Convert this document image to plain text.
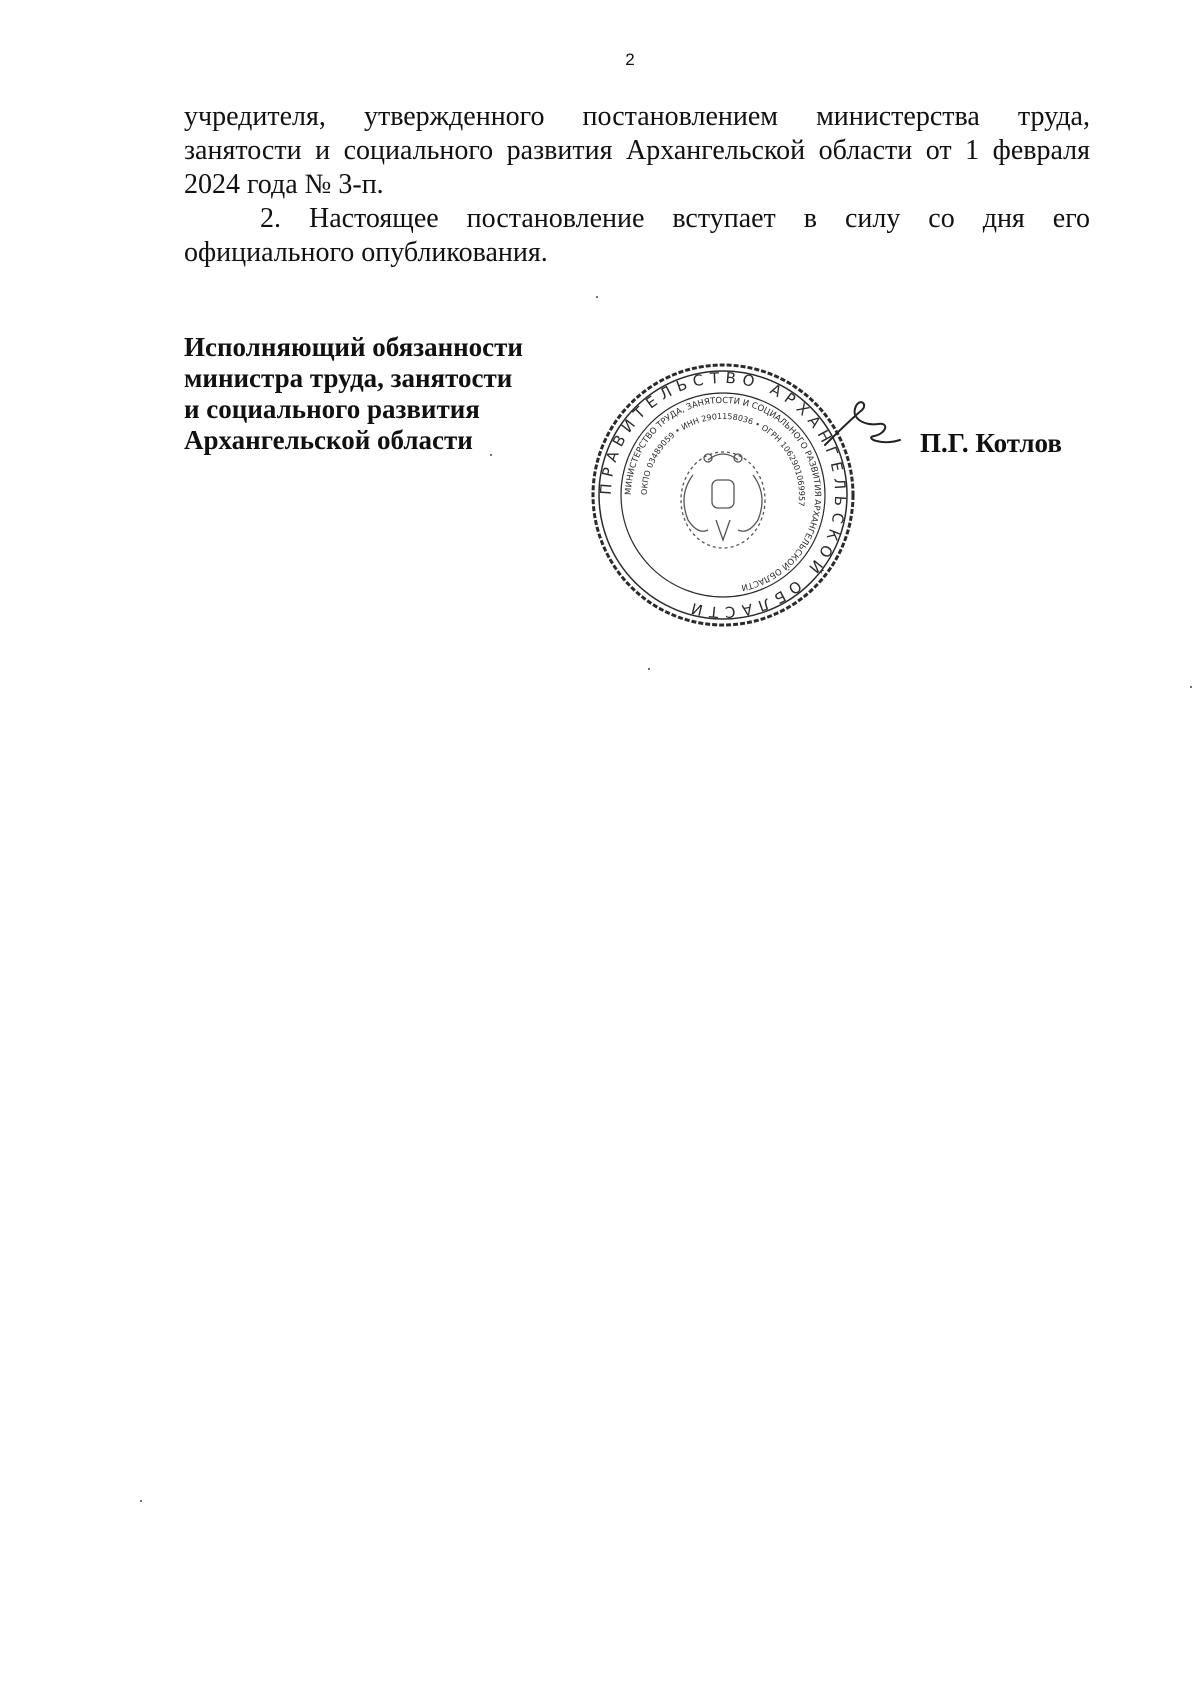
2

учредителя, утвержденного постановлением министерства труда, занятости и социального развития Архангельской области от 1 февраля 2024 года № 3-п.

2. Настоящее постановление вступает в силу со дня его официального опубликования.

Исполняющий обязанности
министра труда, занятости
и социального развития
Архангельской области
ПРАВИТЕЛЬСТВО АРХАНГЕЛЬСКОЙ ОБЛАСТИ
МИНИСТЕРСТВО ТРУДА, ЗАНЯТОСТИ И СОЦИАЛЬНОГО РАЗВИТИЯ АРХАНГЕЛЬСКОЙ ОБЛАСТИ
ОКПО 03489059 • ИНН 2901158036 • ОГРН 1062901069957
П.Г. Котлов
